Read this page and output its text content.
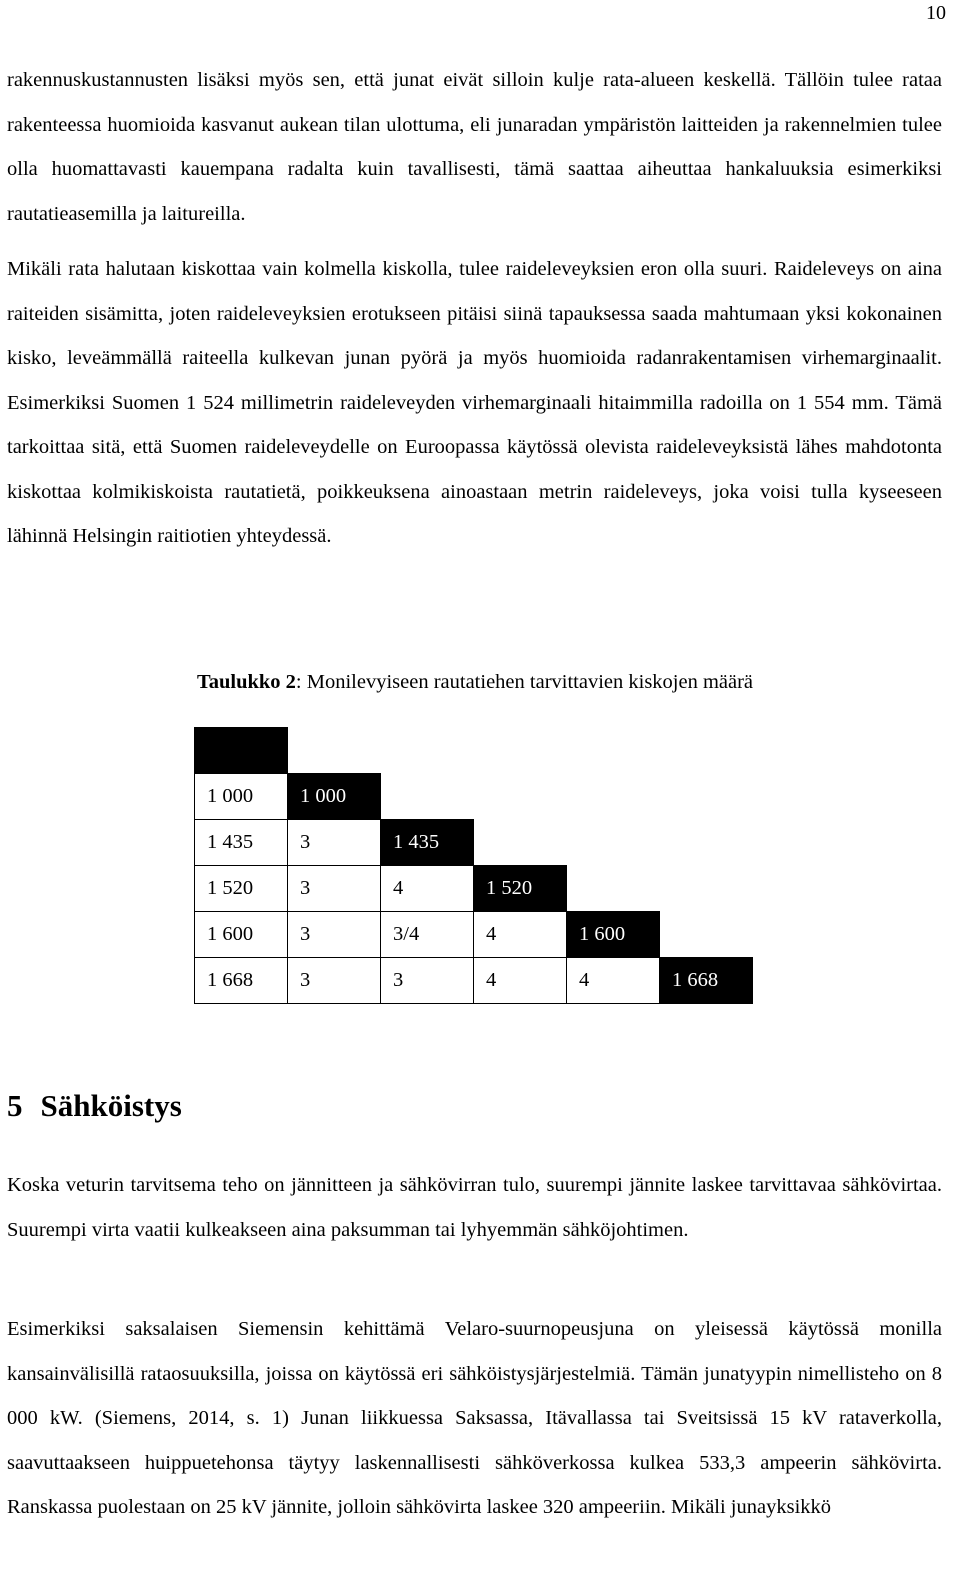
10

rakennuskustannusten lisäksi myös sen, että junat eivät silloin kulje rata-alueen keskellä. Tällöin tulee rataa rakenteessa huomioida kasvanut aukean tilan ulottuma, eli junaradan ympäristön laitteiden ja rakennelmien tulee olla huomattavasti kauempana radalta kuin tavallisesti, tämä saattaa aiheuttaa hankaluuksia esimerkiksi rautatieasemilla ja laitureilla.

Mikäli rata halutaan kiskottaa vain kolmella kiskolla, tulee raideleveyksien eron olla suuri. Raideleveys on aina raiteiden sisämitta, joten raideleveyksien erotukseen pitäisi siinä tapauksessa saada mahtumaan yksi kokonainen kisko, leveämmällä raiteella kulkevan junan pyörä ja myös huomioida radanrakentamisen virhemarginaalit. Esimerkiksi Suomen 1 524 millimetrin raideleveyden virhemarginaali hitaimmilla radoilla on 1 554 mm. Tämä tarkoittaa sitä, että Suomen raideleveydelle on Euroopassa käytössä olevista raideleveyksistä lähes mahdotonta kiskottaa kolmikiskoista rautatietä, poikkeuksena ainoastaan metrin raideleveys, joka voisi tulla kyseeseen lähinnä Helsingin raitiotien yhteydessä.

Taulukko 2: Monilevyiseen rautatiehen tarvittavien kiskojen määrä

1 000	1 000				
1 435	3	1 435			
1 520	3	4	1 520		
1 600	3	3/4	4	1 600	
1 668	3	3	4	4	1 668
5 Sähköistys

Koska veturin tarvitsema teho on jännitteen ja sähkövirran tulo, suurempi jännite laskee tarvittavaa sähkövirtaa. Suurempi virta vaatii kulkeakseen aina paksumman tai lyhyemmän sähköjohtimen.

Esimerkiksi saksalaisen Siemensin kehittämä Velaro-suurnopeusjuna on yleisessä käytössä monilla kansainvälisillä rataosuuksilla, joissa on käytössä eri sähköistysjärjestelmiä. Tämän junatyypin nimellisteho on 8 000 kW. (Siemens, 2014, s. 1) Junan liikkuessa Saksassa, Itävallassa tai Sveitsissä 15 kV rataverkolla, saavuttaakseen huippuetehonsa täytyy laskennallisesti sähköverkossa kulkea 533,3 ampeerin sähkövirta. Ranskassa puolestaan on 25 kV jännite, jolloin sähkövirta laskee 320 ampeeriin. Mikäli junayksikkö
